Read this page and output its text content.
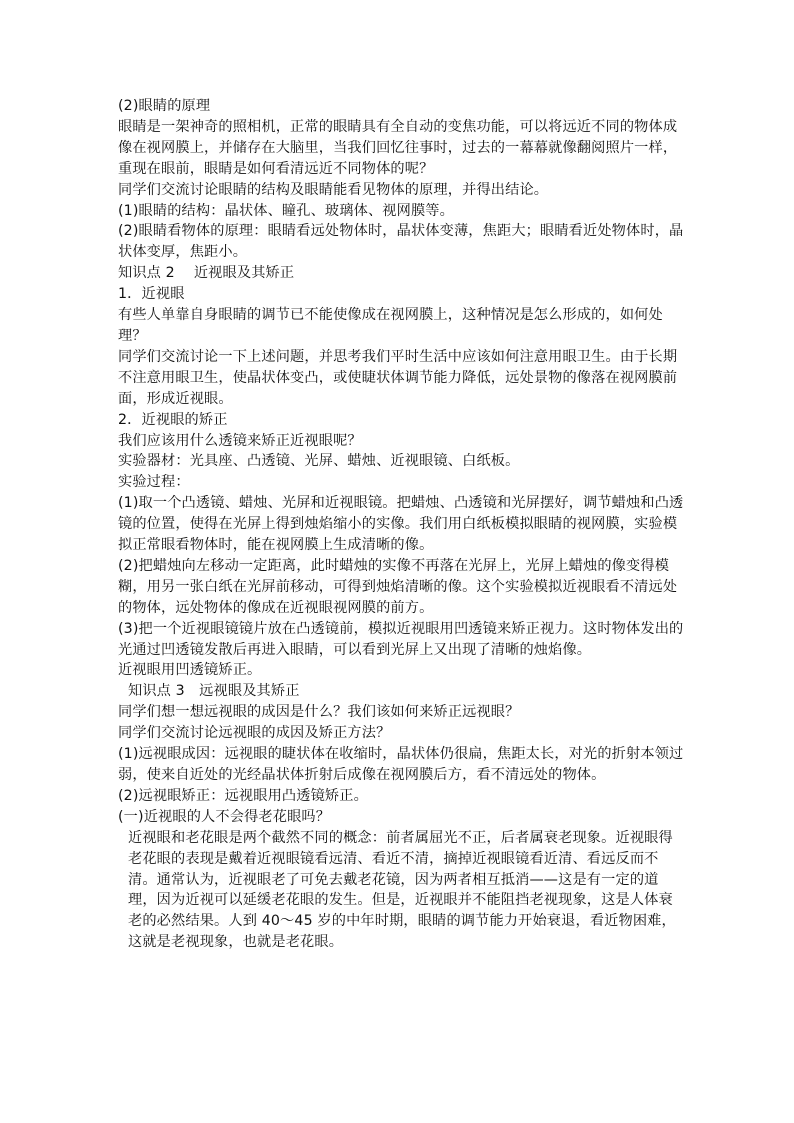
(2)眼睛的原理

眼睛是一架神奇的照相机，正常的眼睛具有全自动的变焦功能，可以将远近不同的物体成像在视网膜上，并储存在大脑里，当我们回忆往事时，过去的一幕幕就像翻阅照片一样，重现在眼前，眼睛是如何看清远近不同物体的呢？

同学们交流讨论眼睛的结构及眼睛能看见物体的原理，并得出结论。

(1)眼睛的结构：晶状体、瞳孔、玻璃体、视网膜等。

(2)眼睛看物体的原理：眼睛看远处物体时，晶状体变薄，焦距大；眼睛看近处物体时，晶状体变厚，焦距小。

知识点 2　 近视眼及其矫正

1．近视眼

有些人单靠自身眼睛的调节已不能使像成在视网膜上，这种情况是怎么形成的，如何处理？

同学们交流讨论一下上述问题，并思考我们平时生活中应该如何注意用眼卫生。由于长期不注意用眼卫生，使晶状体变凸，或使睫状体调节能力降低，远处景物的像落在视网膜前面，形成近视眼。

2．近视眼的矫正

我们应该用什么透镜来矫正近视眼呢？

实验器材：光具座、凸透镜、光屏、蜡烛、近视眼镜、白纸板。

实验过程：

(1)取一个凸透镜、蜡烛、光屏和近视眼镜。把蜡烛、凸透镜和光屏摆好，调节蜡烛和凸透镜的位置，使得在光屏上得到烛焰缩小的实像。我们用白纸板模拟眼睛的视网膜，实验模拟正常眼看物体时，能在视网膜上生成清晰的像。

(2)把蜡烛向左移动一定距离，此时蜡烛的实像不再落在光屏上，光屏上蜡烛的像变得模糊，用另一张白纸在光屏前移动，可得到烛焰清晰的像。这个实验模拟近视眼看不清远处的物体，远处物体的像成在近视眼视网膜的前方。

(3)把一个近视眼镜镜片放在凸透镜前，模拟近视眼用凹透镜来矫正视力。这时物体发出的光通过凹透镜发散后再进入眼睛，可以看到光屏上又出现了清晰的烛焰像。

近视眼用凹透镜矫正。

知识点 3　远视眼及其矫正

同学们想一想远视眼的成因是什么？我们该如何来矫正远视眼？

同学们交流讨论远视眼的成因及矫正方法？

(1)远视眼成因：远视眼的睫状体在收缩时，晶状体仍很扁，焦距太长，对光的折射本领过弱，使来自近处的光经晶状体折射后成像在视网膜后方，看不清远处的物体。

(2)远视眼矫正：远视眼用凸透镜矫正。

(一)近视眼的人不会得老花眼吗？

近视眼和老花眼是两个截然不同的概念：前者属屈光不正，后者属衰老现象。近视眼得老花眼的表现是戴着近视眼镜看远清、看近不清，摘掉近视眼镜看近清、看远反而不清。通常认为，近视眼老了可免去戴老花镜，因为两者相互抵消——这是有一定的道理，因为近视可以延缓老花眼的发生。但是，近视眼并不能阻挡老视现象，这是人体衰老的必然结果。人到 40～45 岁的中年时期，眼睛的调节能力开始衰退，看近物困难，这就是老视现象，也就是老花眼。
